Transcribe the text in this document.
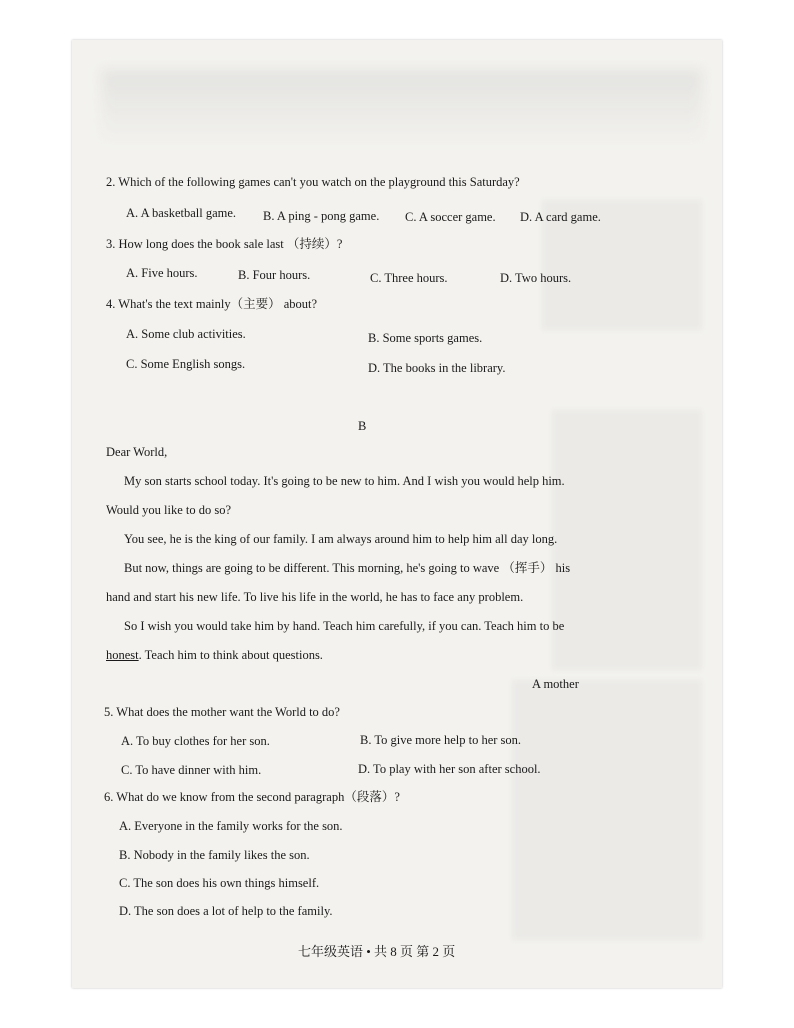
2. Which of the following games can't you watch on the playground this Saturday?
A. A basketball game. B. A ping - pong game. C. A soccer game. D. A card game.
3. How long does the book sale last （持续）?
A. Five hours.	B. Four hours.	C. Three hours.	D. Two hours.
4. What's the text mainly（主要） about?
A. Some club activities.	B. Some sports games.
C. Some English songs.	D. The books in the library.
B
Dear World,
My son starts school today. It's going to be new to him. And I wish you would help him.
Would you like to do so?
You see, he is the king of our family. I am always around him to help him all day long.
But now, things are going to be different. This morning, he's going to wave （挥手） his
hand and start his new life. To live his life in the world, he has to face any problem.
So I wish you would take him by hand. Teach him carefully, if you can. Teach him to be
honest. Teach him to think about questions.
A mother
5. What does the mother want the World to do?
A. To buy clothes for her son.	B. To give more help to her son.
C. To have dinner with him.	D. To play with her son after school.
6. What do we know from the second paragraph（段落）?
A. Everyone in the family works for the son.
B. Nobody in the family likes the son.
C. The son does his own things himself.
D. The son does a lot of help to the family.
七年级英语 • 共 8 页 第 2 页
